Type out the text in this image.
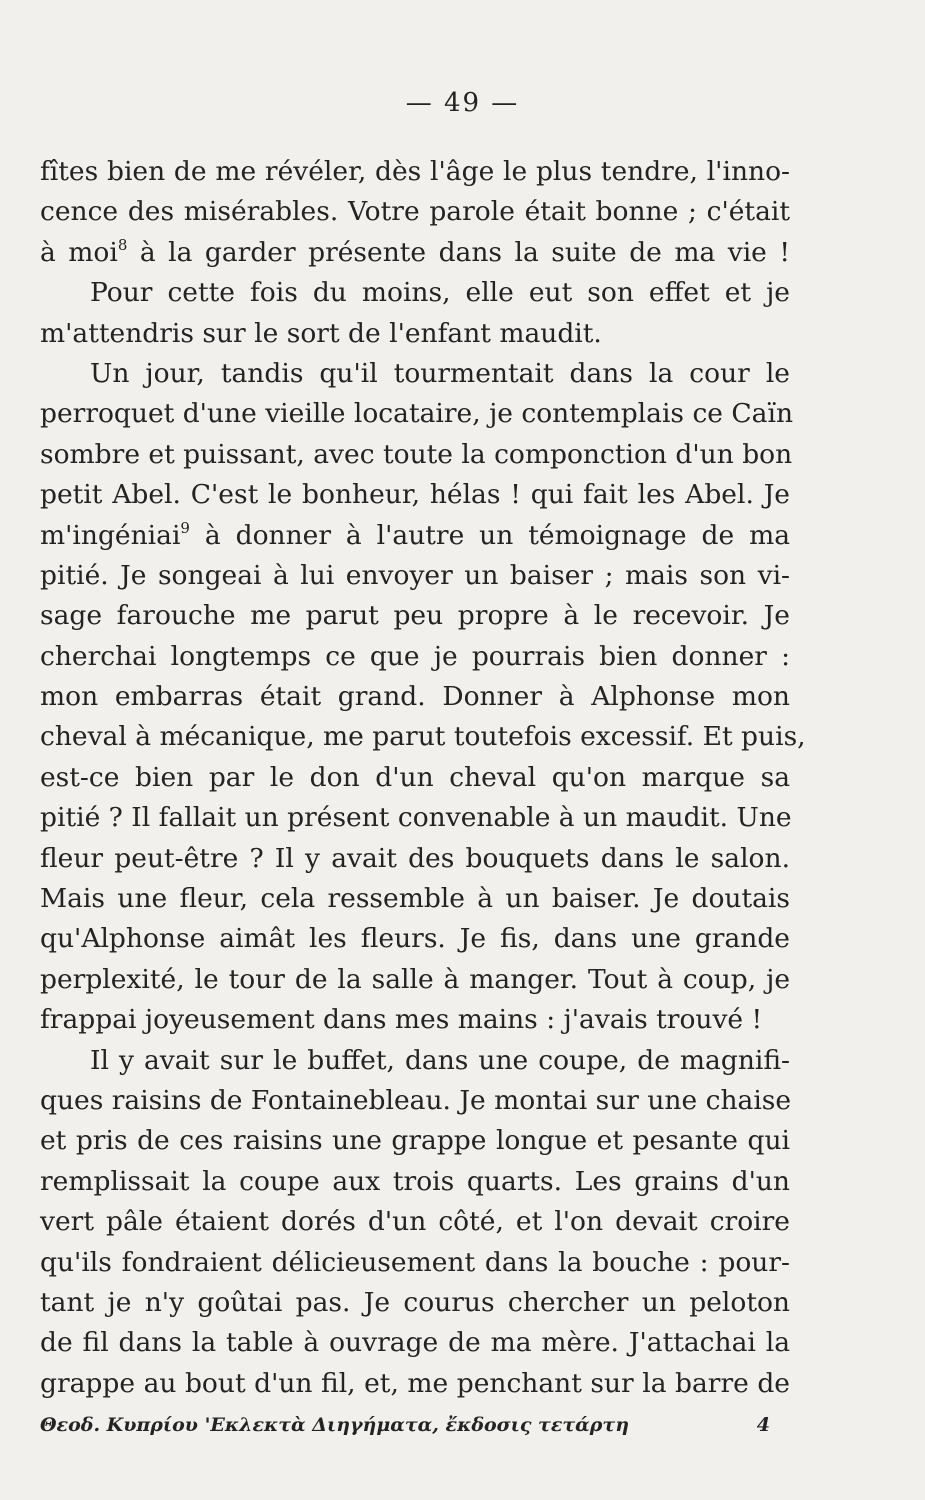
— 49 —
fîtes bien de me révéler, dès l'âge le plus tendre, l'inno-
cence des misérables. Votre parole était bonne ; c'était
à moi$^8$ à la garder présente dans la suite de ma vie !
Pour cette fois du moins, elle eut son effet et je
m'attendris sur le sort de l'enfant maudit.
Un jour, tandis qu'il tourmentait dans la cour le
perroquet d'une vieille locataire, je contemplais ce Caïn
sombre et puissant, avec toute la componction d'un bon
petit Abel. C'est le bonheur, hélas ! qui fait les Abel. Je
m'ingéniai$^9$ à donner à l'autre un témoignage de ma
pitié. Je songeai à lui envoyer un baiser ; mais son vi-
sage farouche me parut peu propre à le recevoir. Je
cherchai longtemps ce que je pourrais bien donner :
mon embarras était grand. Donner à Alphonse mon
cheval à mécanique, me parut toutefois excessif. Et puis,
est-ce bien par le don d'un cheval qu'on marque sa
pitié ? Il fallait un présent convenable à un maudit. Une
fleur peut-être ? Il y avait des bouquets dans le salon.
Mais une fleur, cela ressemble à un baiser. Je doutais
qu'Alphonse aimât les fleurs. Je fis, dans une grande
perplexité, le tour de la salle à manger. Tout à coup, je
frappai joyeusement dans mes mains : j'avais trouvé !
Il y avait sur le buffet, dans une coupe, de magnifi-
ques raisins de Fontainebleau. Je montai sur une chaise
et pris de ces raisins une grappe longue et pesante qui
remplissait la coupe aux trois quarts. Les grains d'un
vert pâle étaient dorés d'un côté, et l'on devait croire
qu'ils fondraient délicieusement dans la bouche : pour-
tant je n'y goûtai pas. Je courus chercher un peloton
de fil dans la table à ouvrage de ma mère. J'attachai la
grappe au bout d'un fil, et, me penchant sur la barre de
Θεοδ. Κυπρίου 'Εκλεκτὰ Διηγήματα, ἔκδοσις τετάρτη	4
